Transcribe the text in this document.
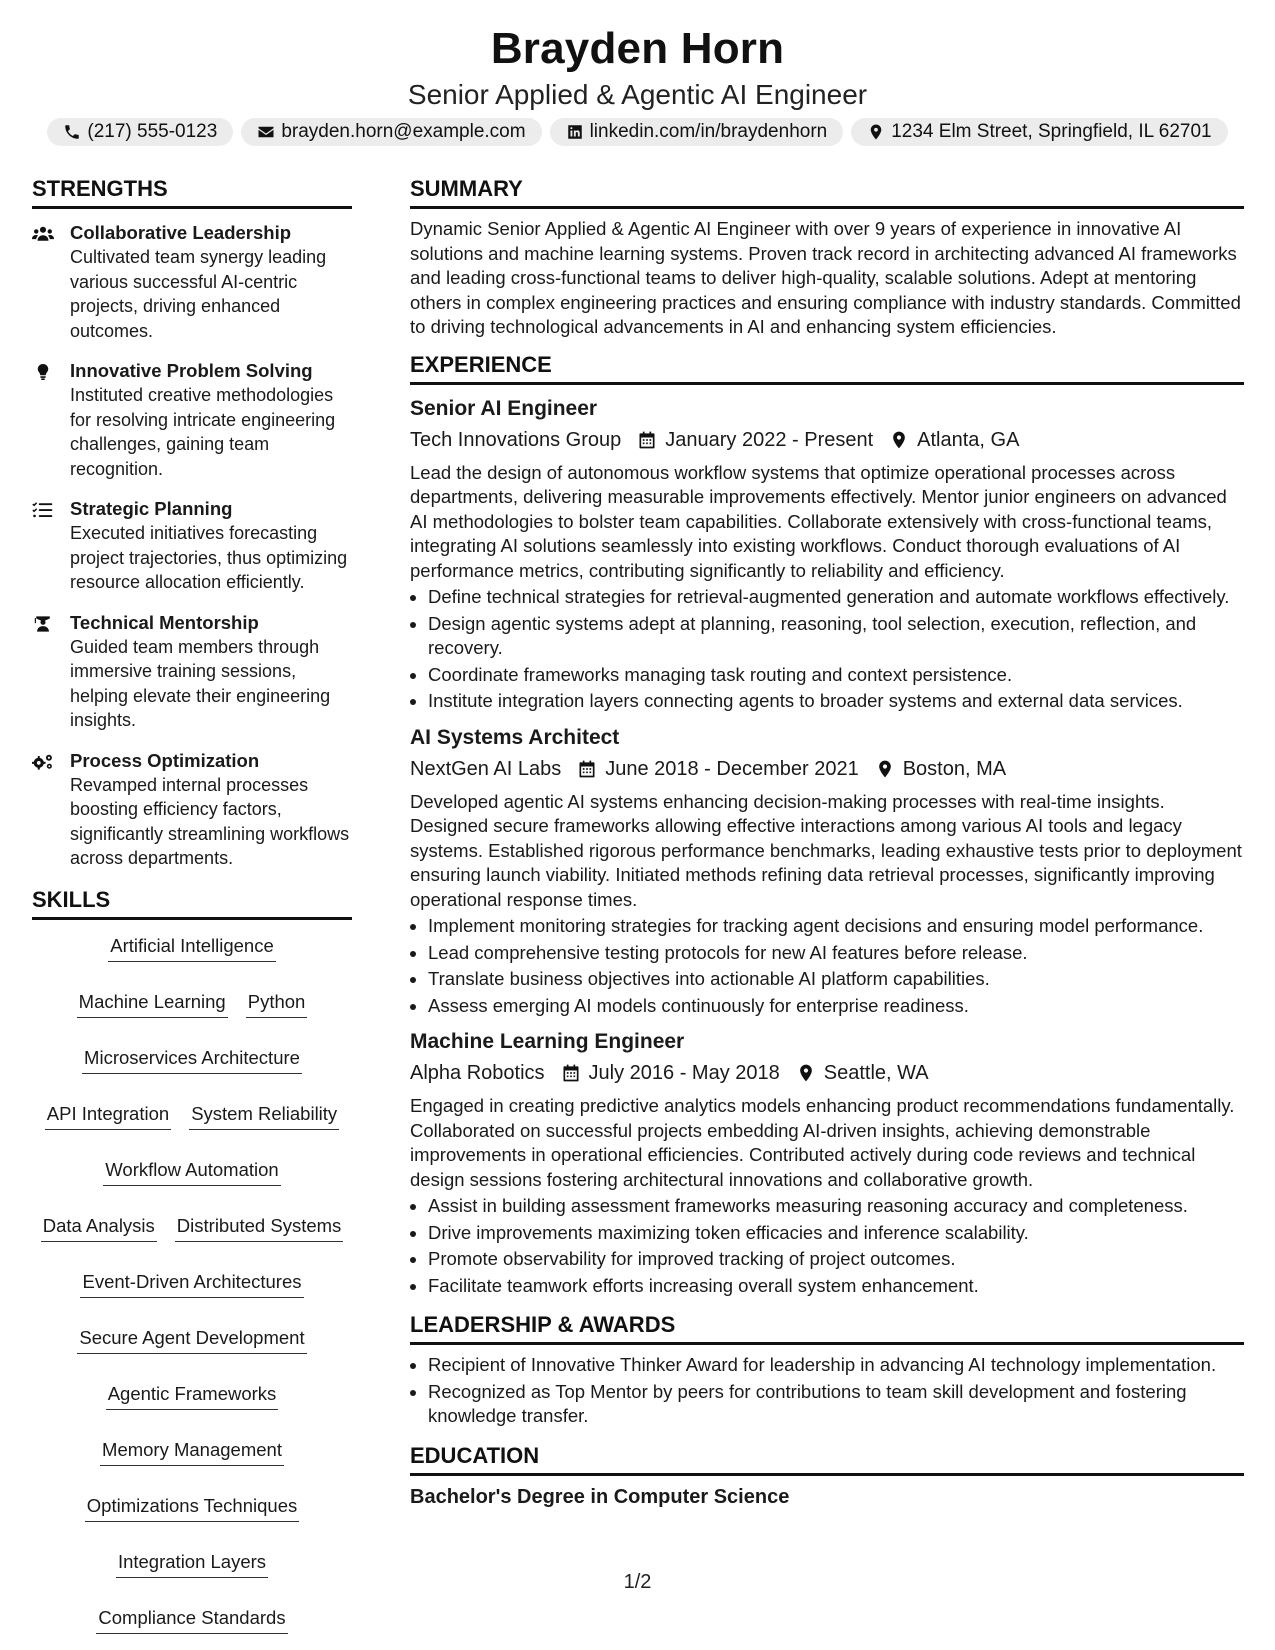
Brayden Horn
Senior Applied & Agentic AI Engineer
(217) 555-0123	brayden.horn@example.com	linkedin.com/in/braydenhorn	1234 Elm Street, Springfield, IL 62701
STRENGTHS
Collaborative Leadership
Cultivated team synergy leading various successful AI-centric projects, driving enhanced outcomes.
Innovative Problem Solving
Instituted creative methodologies for resolving intricate engineering challenges, gaining team recognition.
Strategic Planning
Executed initiatives forecasting project trajectories, thus optimizing resource allocation efficiently.
Technical Mentorship
Guided team members through immersive training sessions, helping elevate their engineering insights.
Process Optimization
Revamped internal processes boosting efficiency factors, significantly streamlining workflows across departments.
SKILLS
Artificial Intelligence
Machine Learning Python
Microservices Architecture
API Integration System Reliability
Workflow Automation
Data Analysis Distributed Systems
Event-Driven Architectures
Secure Agent Development
Agentic Frameworks
Memory Management
Optimizations Techniques
Integration Layers
Compliance Standards
SUMMARY
Dynamic Senior Applied & Agentic AI Engineer with over 9 years of experience in innovative AI solutions and machine learning systems. Proven track record in architecting advanced AI frameworks and leading cross-functional teams to deliver high-quality, scalable solutions. Adept at mentoring others in complex engineering practices and ensuring compliance with industry standards. Committed to driving technological advancements in AI and enhancing system efficiencies.
EXPERIENCE
Senior AI Engineer
Tech Innovations Group January 2022 - Present Atlanta, GA
Lead the design of autonomous workflow systems that optimize operational processes across departments, delivering measurable improvements effectively. Mentor junior engineers on advanced AI methodologies to bolster team capabilities. Collaborate extensively with cross-functional teams, integrating AI solutions seamlessly into existing workflows. Conduct thorough evaluations of AI performance metrics, contributing significantly to reliability and efficiency.
• Define technical strategies for retrieval-augmented generation and automate workflows effectively.
• Design agentic systems adept at planning, reasoning, tool selection, execution, reflection, and recovery.
• Coordinate frameworks managing task routing and context persistence.
• Institute integration layers connecting agents to broader systems and external data services.
AI Systems Architect
NextGen AI Labs June 2018 - December 2021 Boston, MA
Developed agentic AI systems enhancing decision-making processes with real-time insights. Designed secure frameworks allowing effective interactions among various AI tools and legacy systems. Established rigorous performance benchmarks, leading exhaustive tests prior to deployment ensuring launch viability. Initiated methods refining data retrieval processes, significantly improving operational response times.
• Implement monitoring strategies for tracking agent decisions and ensuring model performance.
• Lead comprehensive testing protocols for new AI features before release.
• Translate business objectives into actionable AI platform capabilities.
• Assess emerging AI models continuously for enterprise readiness.
Machine Learning Engineer
Alpha Robotics July 2016 - May 2018 Seattle, WA
Engaged in creating predictive analytics models enhancing product recommendations fundamentally. Collaborated on successful projects embedding AI-driven insights, achieving demonstrable improvements in operational efficiencies. Contributed actively during code reviews and technical design sessions fostering architectural innovations and collaborative growth.
• Assist in building assessment frameworks measuring reasoning accuracy and completeness.
• Drive improvements maximizing token efficacies and inference scalability.
• Promote observability for improved tracking of project outcomes.
• Facilitate teamwork efforts increasing overall system enhancement.
LEADERSHIP & AWARDS
• Recipient of Innovative Thinker Award for leadership in advancing AI technology implementation.
• Recognized as Top Mentor by peers for contributions to team skill development and fostering knowledge transfer.
EDUCATION
Bachelor's Degree in Computer Science
1/2
